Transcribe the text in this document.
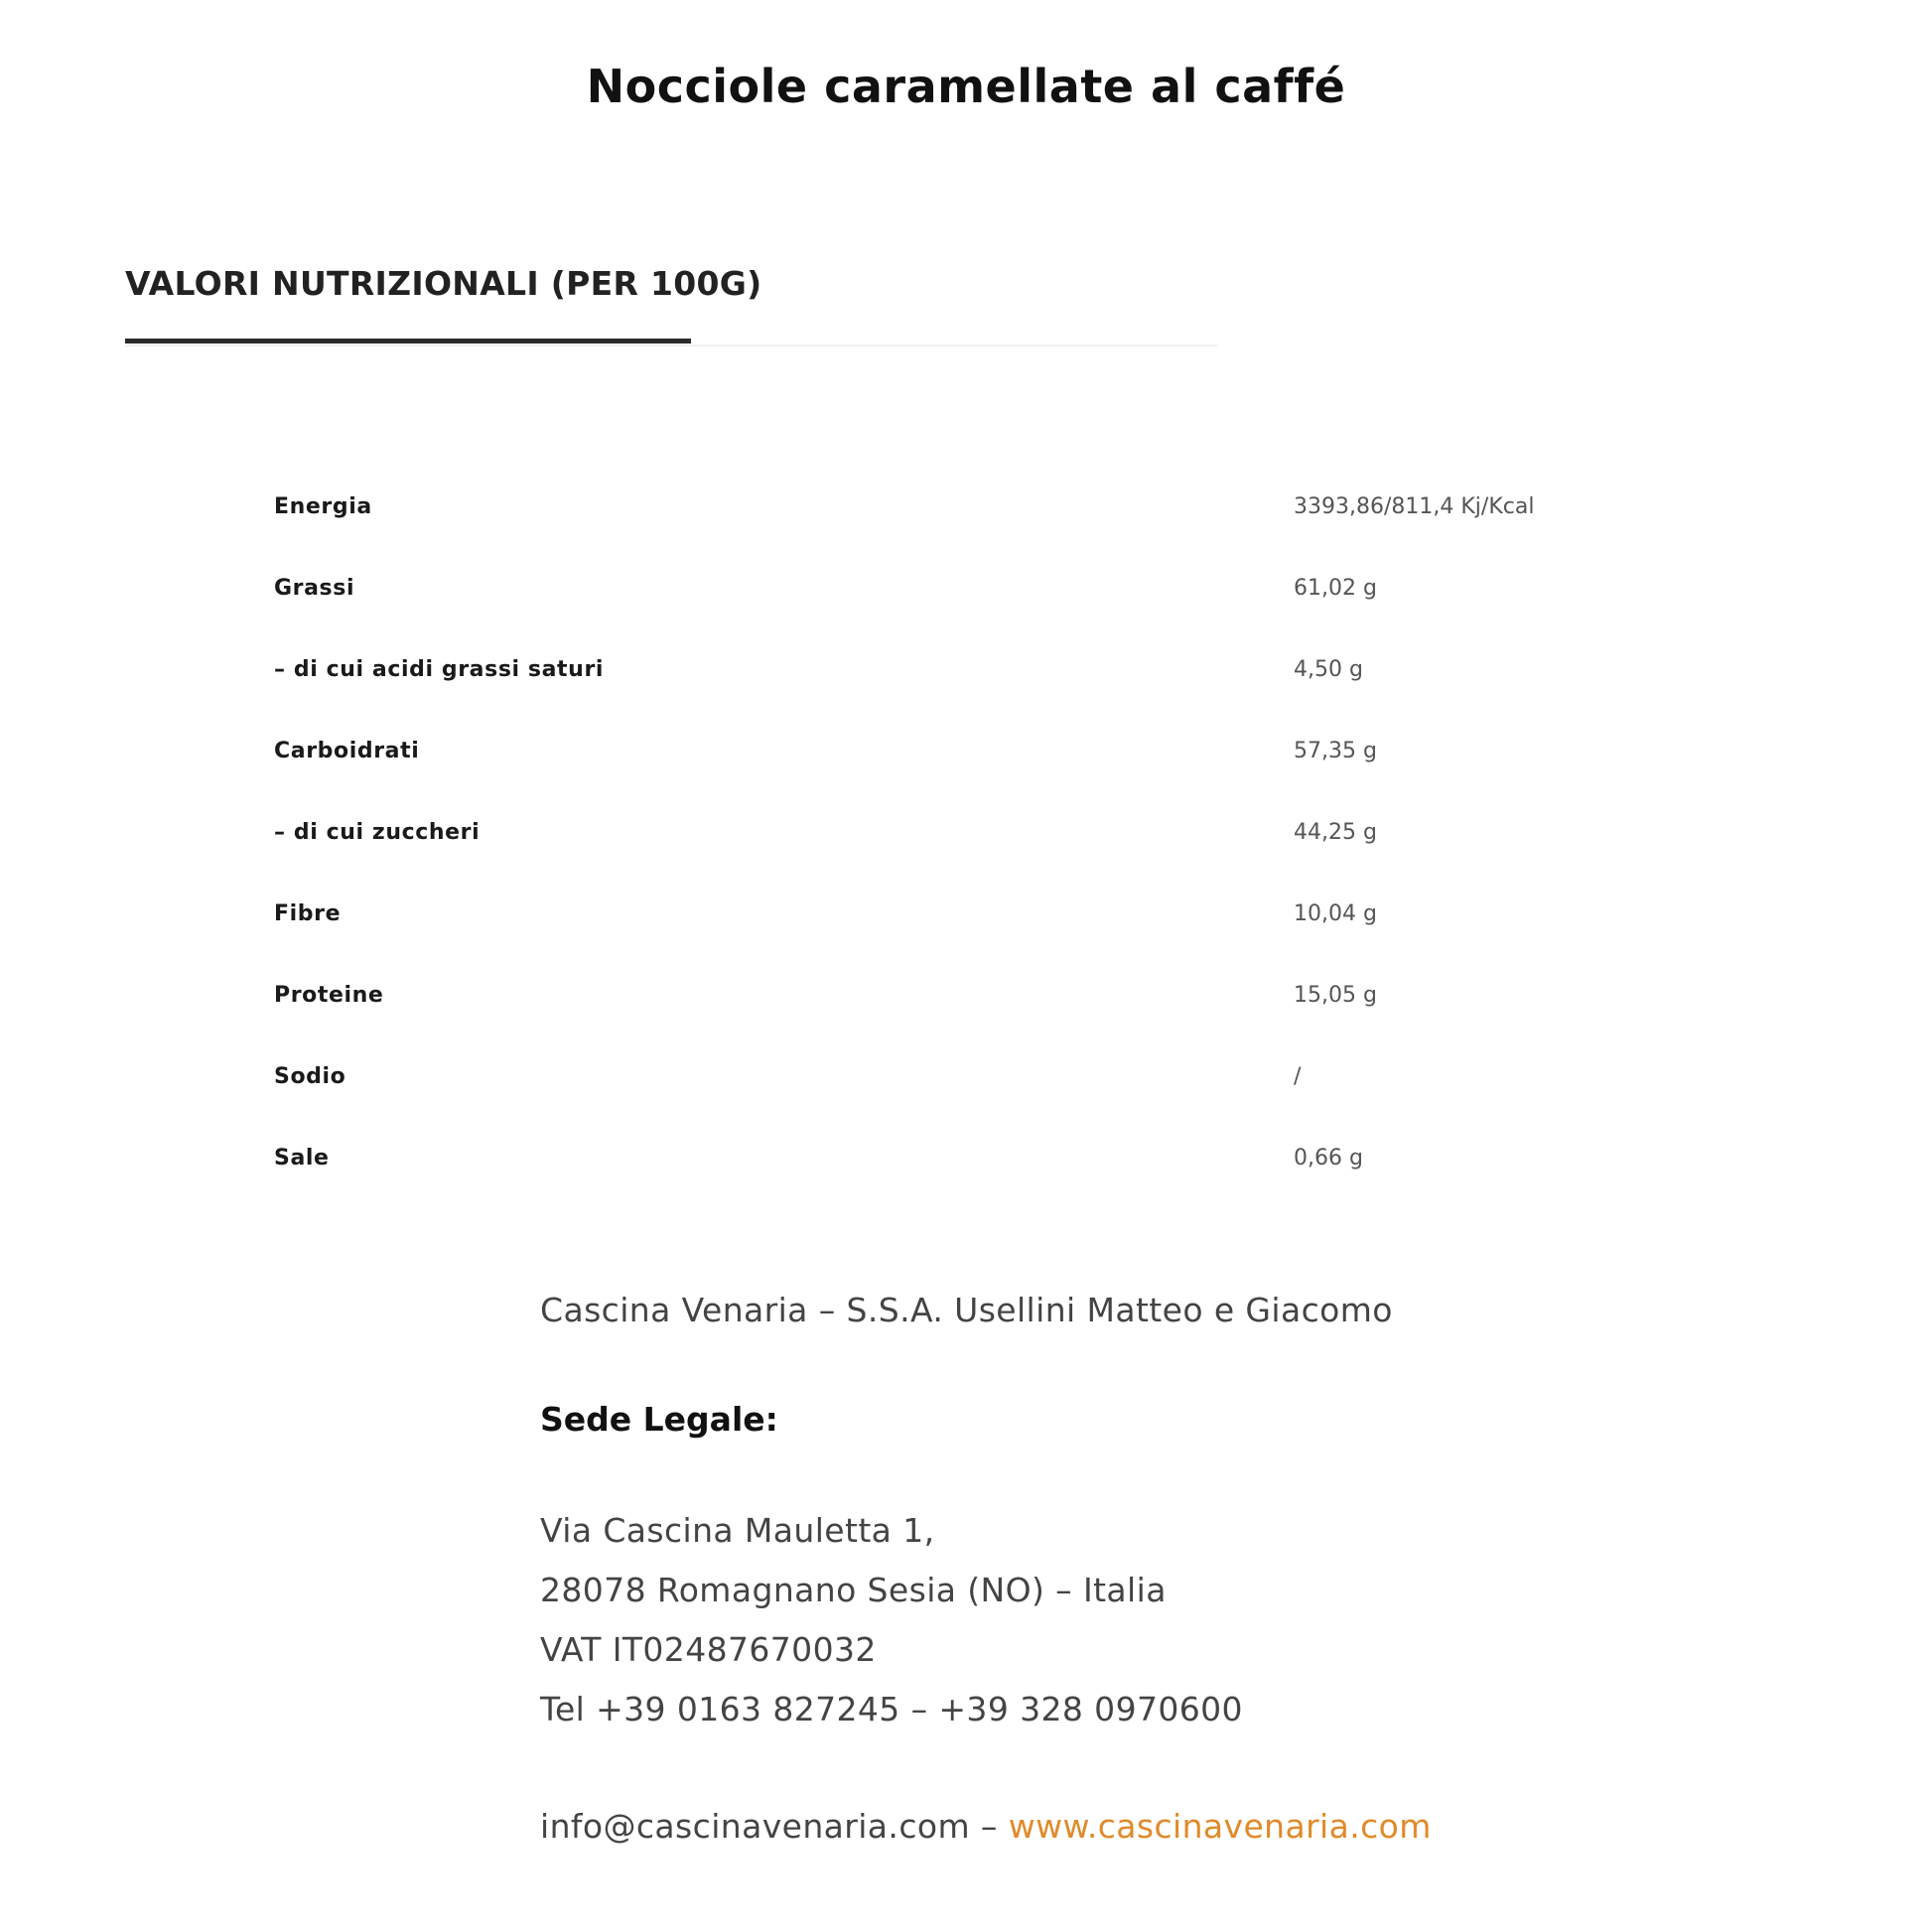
Nocciole caramellate al caffé
VALORI NUTRIZIONALI (PER 100G)
Energia	3393,86/811,4 Kj/Kcal
Grassi	61,02 g
– di cui acidi grassi saturi	4,50 g
Carboidrati	57,35 g
– di cui zuccheri	44,25 g
Fibre	10,04 g
Proteine	15,05 g
Sodio	/
Sale	0,66 g
Cascina Venaria – S.S.A. Usellini Matteo e Giacomo
Sede Legale:
Via Cascina Mauletta 1,
28078 Romagnano Sesia (NO) – Italia
VAT IT02487670032
Tel +39 0163 827245 – +39 328 0970600
info@cascinavenaria.com – www.cascinavenaria.com
